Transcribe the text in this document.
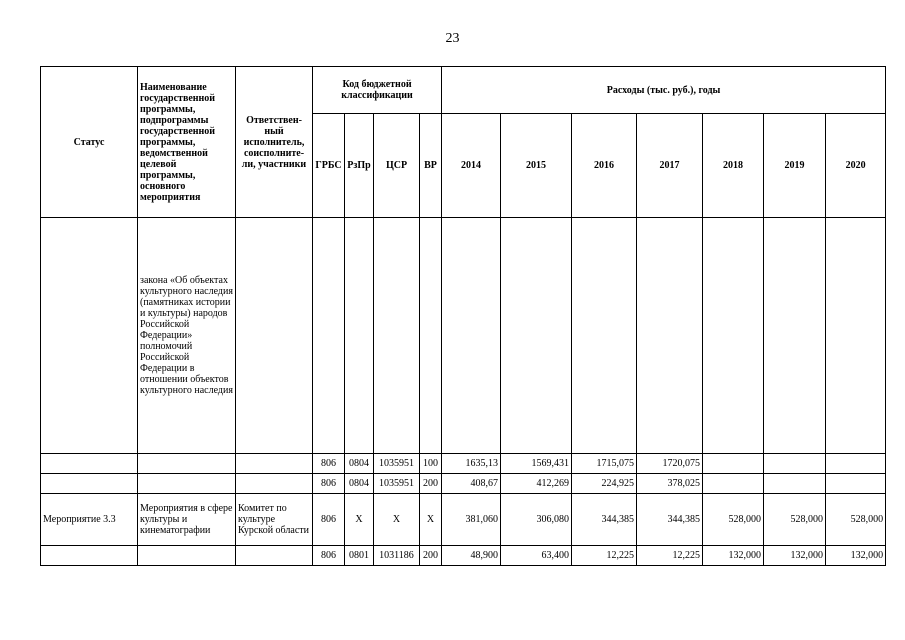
23
Статус	Наименование государственной программы, подпрограммы государственной программы, ведомственной целевой программы, основного мероприятия	Ответствен-ный исполнитель, соисполните-ли, участники	Код бюджетной классификации				Расходы (тыс. руб.), годы						
			ГРБС	РзПр	ЦСР	ВР	2014	2015	2016	2017	2018	2019	2020
	закона «Об объектах культурного наследия (памятниках истории и культуры) народов Российской Федерации» полномочий Российской Федерации в отношении объектов культурного наследия												
			806	0804	1035951	100	1635,13	1569,431	1715,075	1720,075			
			806	0804	1035951	200	408,67	412,269	224,925	378,025			
Мероприятие 3.3	Мероприятия в сфере культуры и кинематографии	Комитет по культуре Курской области	806	Х	Х	Х	381,060	306,080	344,385	344,385	528,000	528,000	528,000
			806	0801	1031186	200	48,900	63,400	12,225	12,225	132,000	132,000	132,000
